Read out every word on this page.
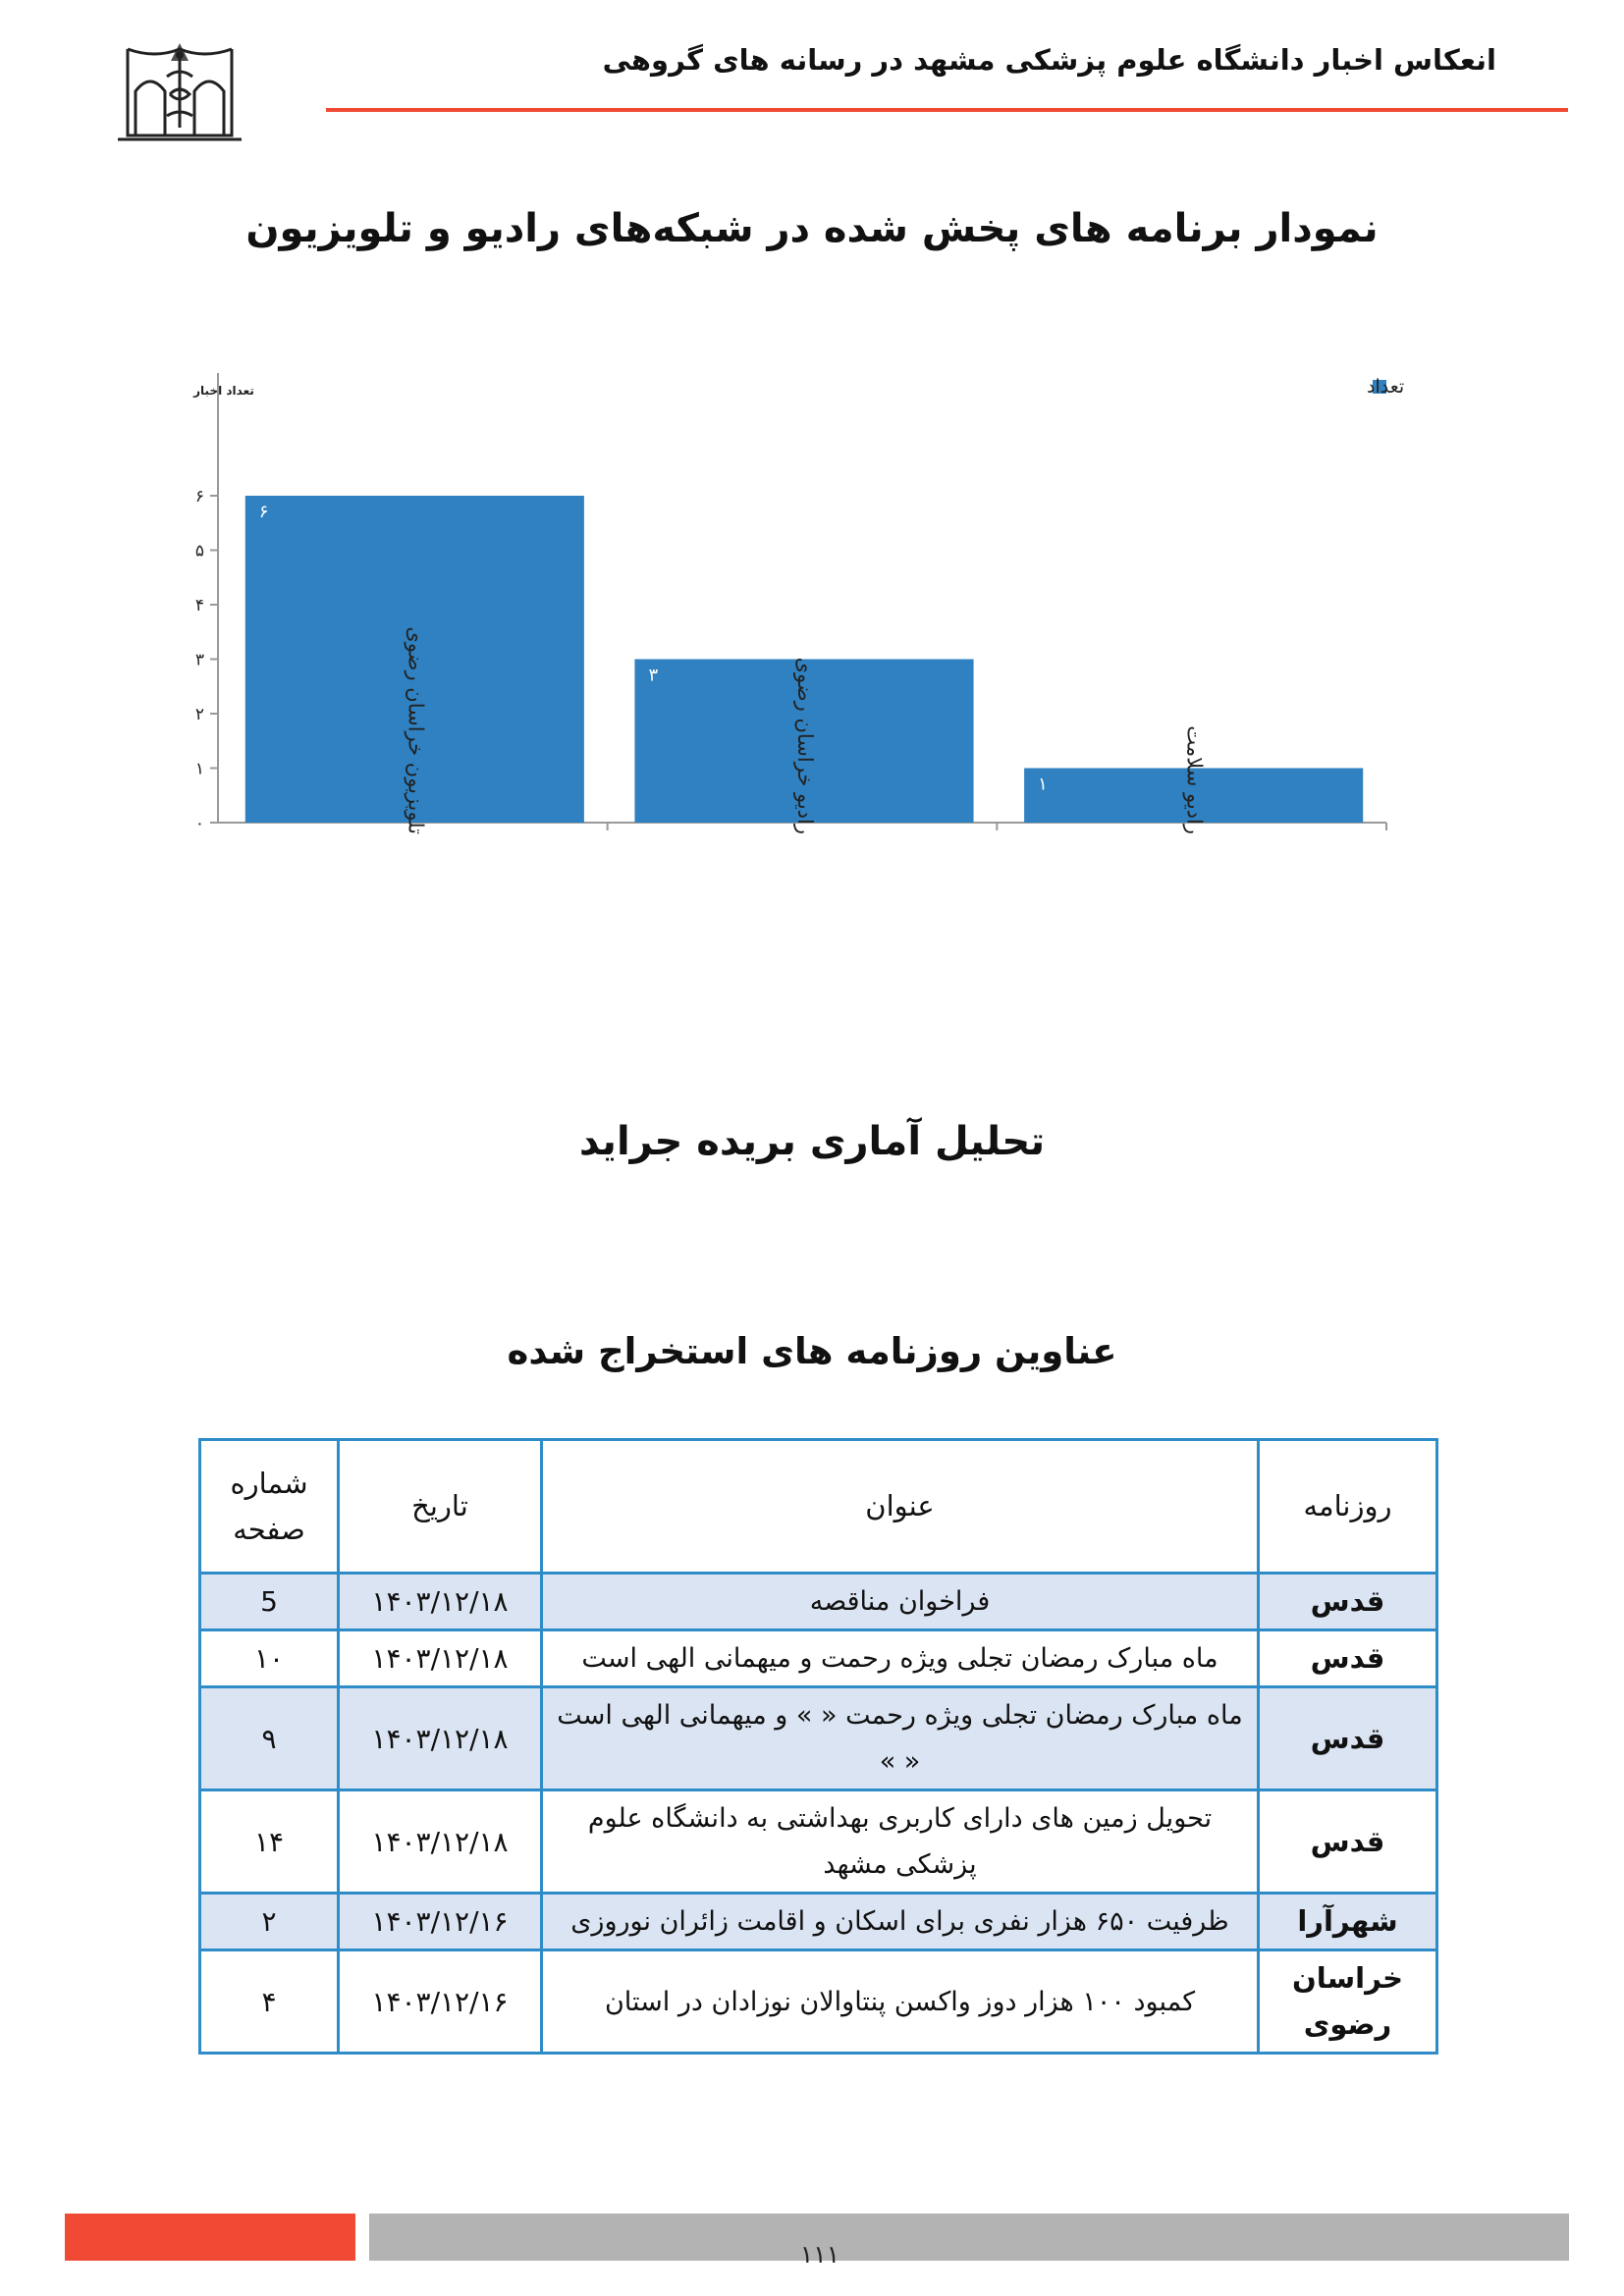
انعکاس اخبار دانشگاه علوم پزشکی مشهد در رسانه های گروهی
نمودار برنامه های پخش شده در شبکه‌های رادیو و تلویزیون
تعداد اخبار
۰
۱
۲
۳
۴
۵
۶
۶
تلویزیون خراسان رضوی	۳	رادیو خراسان رضوی	۱	رادیو سلامت
تعداد
تحلیل آماری بریده جراید
عناوین روزنامه های استخراج شده
روزنامه	عنوان	تاریخ	شماره صفحه
قدس	فراخوان مناقصه	۱۴۰۳/۱۲/۱۸	5
قدس	ماه مبارک رمضان تجلی ویژه رحمت و میهمانی الهی است	۱۴۰۳/۱۲/۱۸	۱۰
قدس	ماه مبارک رمضان تجلی ویژه رحمت « » و میهمانی الهی است « »	۱۴۰۳/۱۲/۱۸	۹
قدس	تحویل زمین های دارای کاربری بهداشتی به دانشگاه علوم پزشکی مشهد	۱۴۰۳/۱۲/۱۸	۱۴
شهرآرا	ظرفیت ۶۵۰ هزار نفری برای اسکان و اقامت زائران نوروزی	۱۴۰۳/۱۲/۱۶	۲
خراسان رضوی	کمبود ۱۰۰ هزار دوز واکسن پنتاوالان نوزادان در استان	۱۴۰۳/۱۲/۱۶	۴
۱۱۱
